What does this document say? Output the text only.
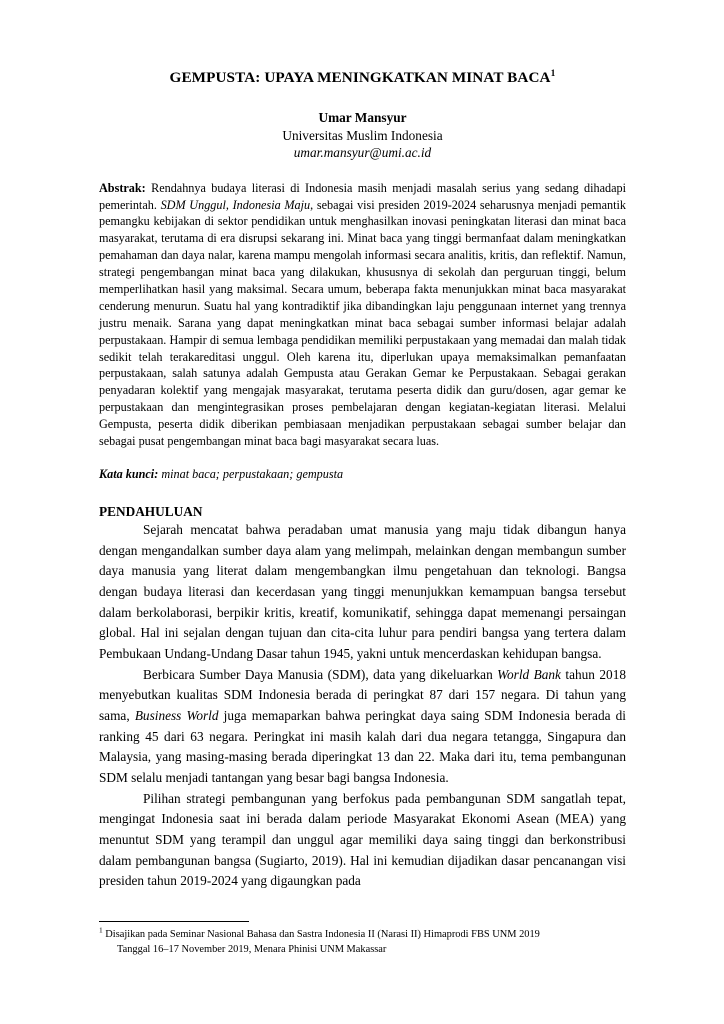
GEMPUSTA: UPAYA MENINGKATKAN MINAT BACA$^1$
Umar Mansyur
Universitas Muslim Indonesia
umar.mansyur@umi.ac.id
Abstrak: Rendahnya budaya literasi di Indonesia masih menjadi masalah serius yang sedang dihadapi pemerintah. SDM Unggul, Indonesia Maju, sebagai visi presiden 2019-2024 seharusnya menjadi pemantik pemangku kebijakan di sektor pendidikan untuk menghasilkan inovasi peningkatan literasi dan minat baca masyarakat, terutama di era disrupsi sekarang ini. Minat baca yang tinggi bermanfaat dalam meningkatkan pemahaman dan daya nalar, karena mampu mengolah informasi secara analitis, kritis, dan reflektif. Namun, strategi pengembangan minat baca yang dilakukan, khususnya di sekolah dan perguruan tinggi, belum memperlihatkan hasil yang maksimal. Secara umum, beberapa fakta menunjukkan minat baca masyarakat cenderung menurun. Suatu hal yang kontradiktif jika dibandingkan laju penggunaan internet yang trennya justru menaik. Sarana yang dapat meningkatkan minat baca sebagai sumber informasi belajar adalah perpustakaan. Hampir di semua lembaga pendidikan memiliki perpustakaan yang memadai dan malah tidak sedikit telah terakareditasi unggul. Oleh karena itu, diperlukan upaya memaksimalkan pemanfaatan perpustakaan, salah satunya adalah Gempusta atau Gerakan Gemar ke Perpustakaan. Sebagai gerakan penyadaran kolektif yang mengajak masyarakat, terutama peserta didik dan guru/dosen, agar gemar ke perpustakaan dan mengintegrasikan proses pembelajaran dengan kegiatan-kegiatan literasi. Melalui Gempusta, peserta didik diberikan pembiasaan menjadikan perpustakaan sebagai sumber belajar dan sebagai pusat pengembangan minat baca bagi masyarakat secara luas.
Kata kunci: minat baca; perpustakaan; gempusta
PENDAHULUAN

Sejarah mencatat bahwa peradaban umat manusia yang maju tidak dibangun hanya dengan mengandalkan sumber daya alam yang melimpah, melainkan dengan membangun sumber daya manusia yang literat dalam mengembangkan ilmu pengetahuan dan teknologi. Bangsa dengan budaya literasi dan kecerdasan yang tinggi menunjukkan kemampuan bangsa tersebut dalam berkolaborasi, berpikir kritis, kreatif, komunikatif, sehingga dapat memenangi persaingan global. Hal ini sejalan dengan tujuan dan cita-cita luhur para pendiri bangsa yang tertera dalam Pembukaan Undang-Undang Dasar tahun 1945, yakni untuk mencerdaskan kehidupan bangsa.

Berbicara Sumber Daya Manusia (SDM), data yang dikeluarkan World Bank tahun 2018 menyebutkan kualitas SDM Indonesia berada di peringkat 87 dari 157 negara. Di tahun yang sama, Business World juga memaparkan bahwa peringkat daya saing SDM Indonesia berada di ranking 45 dari 63 negara. Peringkat ini masih kalah dari dua negara tetangga, Singapura dan Malaysia, yang masing-masing berada diperingkat 13 dan 22. Maka dari itu, tema pembangunan SDM selalu menjadi tantangan yang besar bagi bangsa Indonesia.

Pilihan strategi pembangunan yang berfokus pada pembangunan SDM sangatlah tepat, mengingat Indonesia saat ini berada dalam periode Masyarakat Ekonomi Asean (MEA) yang menuntut SDM yang terampil dan unggul agar memiliki daya saing tinggi dan berkonstribusi dalam pembangunan bangsa (Sugiarto, 2019). Hal ini kemudian dijadikan dasar pencanangan visi presiden tahun 2019-2024 yang digaungkan pada

$^1$ Disajikan pada Seminar Nasional Bahasa dan Sastra Indonesia II (Narasi II) Himaprodi FBS UNM 2019
Tanggal 16–17 November 2019, Menara Phinisi UNM Makassar
